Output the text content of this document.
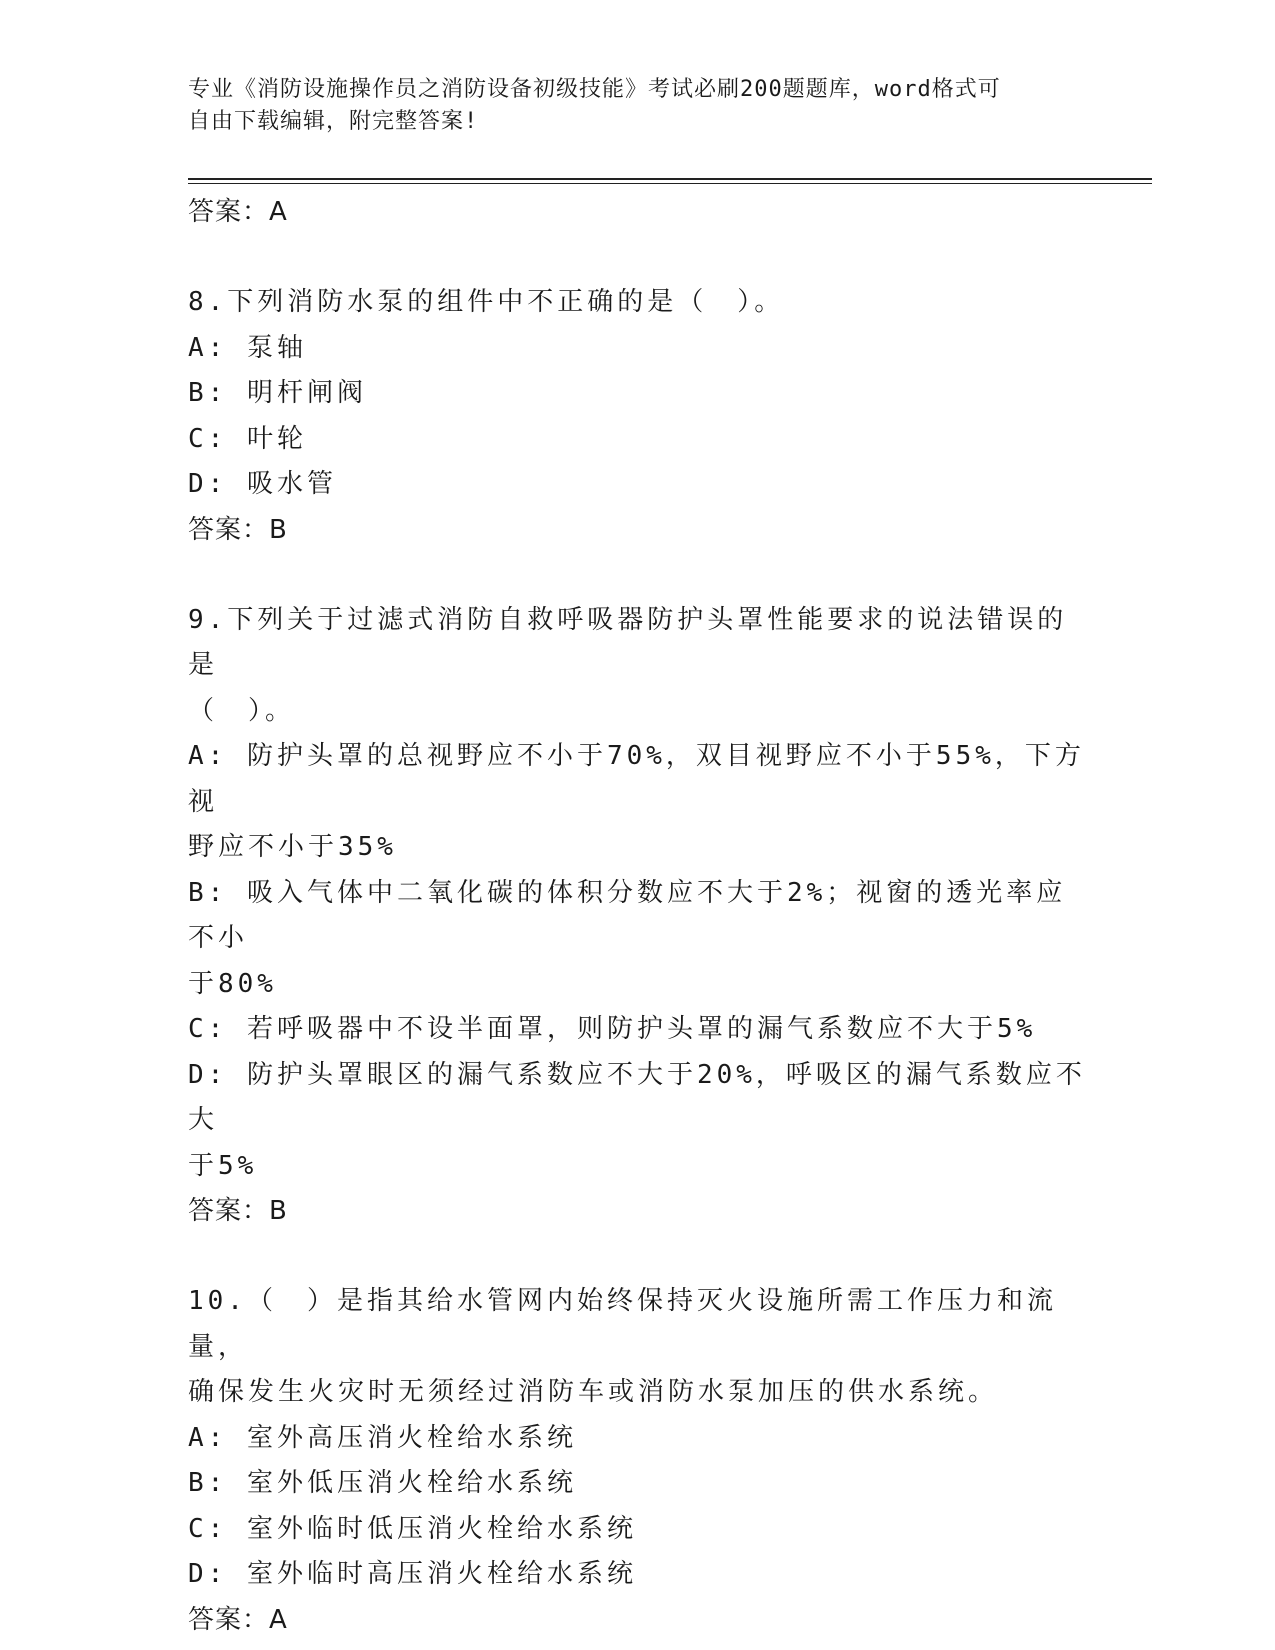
专业《消防设施操作员之消防设备初级技能》考试必刷200题题库，word格式可
自由下载编辑，附完整答案!
答案：A
8.下列消防水泵的组件中不正确的是（　）。
A: 泵轴
B: 明杆闸阀
C: 叶轮
D: 吸水管
答案：B
9.下列关于过滤式消防自救呼吸器防护头罩性能要求的说法错误的是
（　）。
A: 防护头罩的总视野应不小于70%，双目视野应不小于55%，下方视
野应不小于35%
B: 吸入气体中二氧化碳的体积分数应不大于2%；视窗的透光率应不小
于80%
C: 若呼吸器中不设半面罩，则防护头罩的漏气系数应不大于5%
D: 防护头罩眼区的漏气系数应不大于20%，呼吸区的漏气系数应不大
于5%
答案：B
10.（　）是指其给水管网内始终保持灭火设施所需工作压力和流量，
确保发生火灾时无须经过消防车或消防水泵加压的供水系统。
A: 室外高压消火栓给水系统
B: 室外低压消火栓给水系统
C: 室外临时低压消火栓给水系统
D: 室外临时高压消火栓给水系统
答案：A
